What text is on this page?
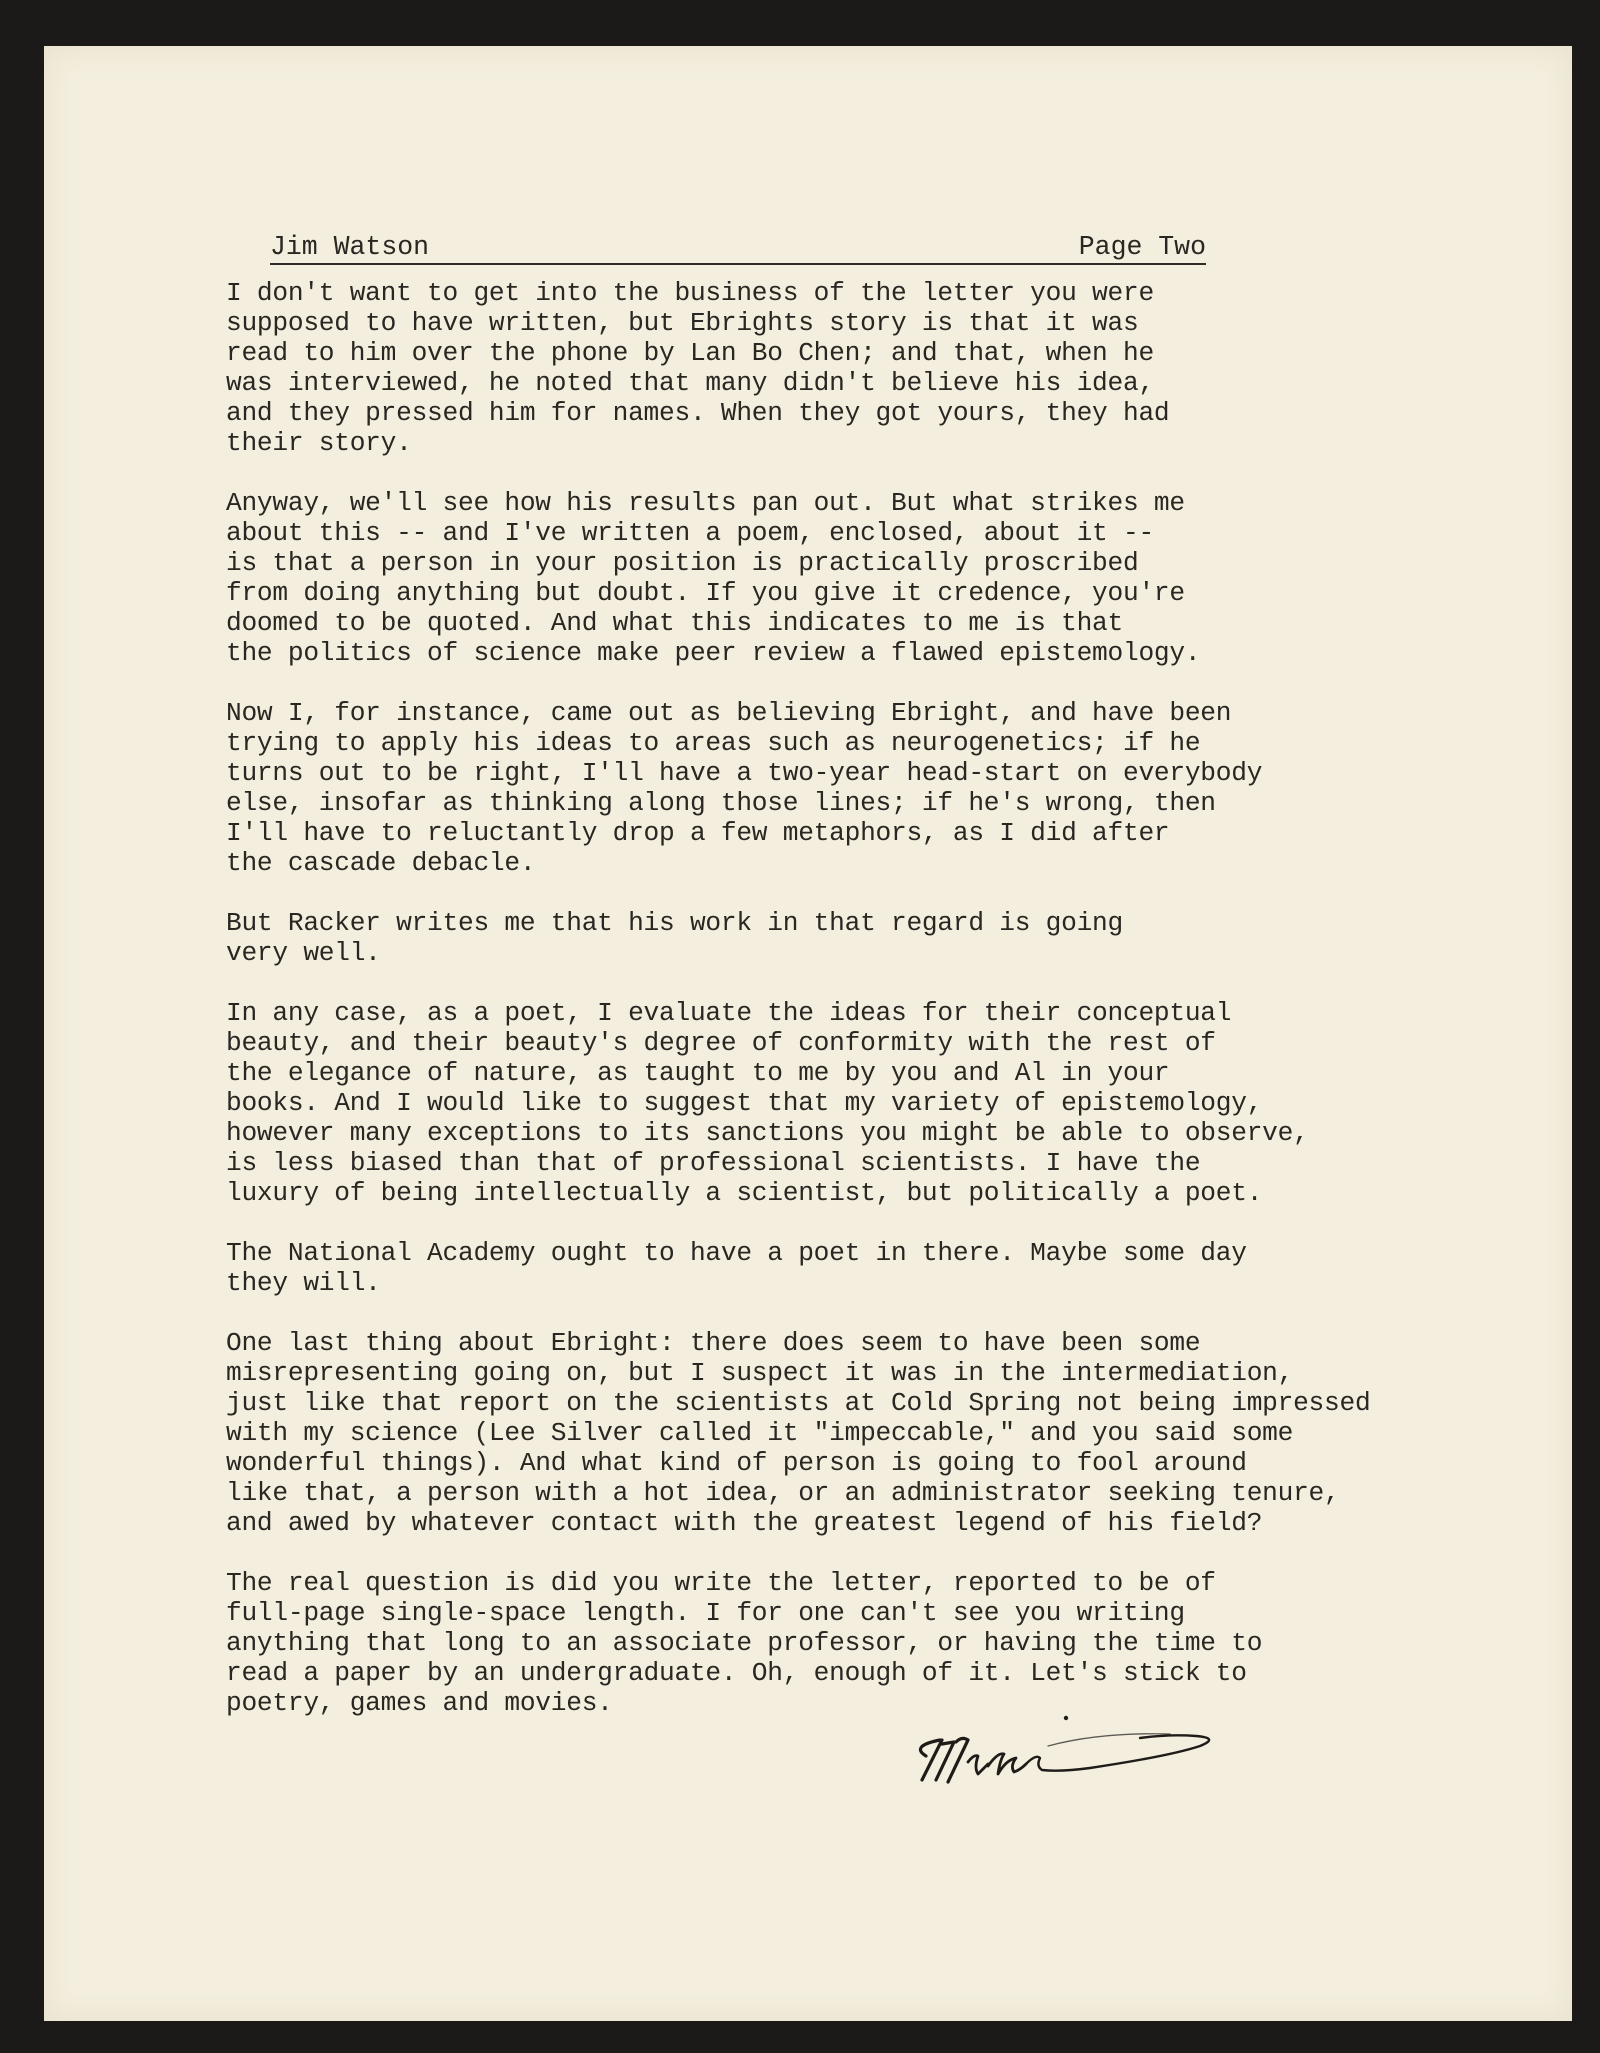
Jim Watson	Page Two

I don't want to get into the business of the letter you were
supposed to have written, but Ebrights story is that it was
read to him over the phone by Lan Bo Chen; and that, when he
was interviewed, he noted that many didn't believe his idea,
and they pressed him for names. When they got yours, they had
their story.

Anyway, we'll see how his results pan out. But what strikes me
about this -- and I've written a poem, enclosed, about it --
is that a person in your position is practically proscribed
from doing anything but doubt. If you give it credence, you're
doomed to be quoted. And what this indicates to me is that
the politics of science make peer review a flawed epistemology.

Now I, for instance, came out as believing Ebright, and have been
trying to apply his ideas to areas such as neurogenetics; if he
turns out to be right, I'll have a two-year head-start on everybody
else, insofar as thinking along those lines; if he's wrong, then
I'll have to reluctantly drop a few metaphors, as I did after
the cascade debacle.

But Racker writes me that his work in that regard is going
very well.

In any case, as a poet, I evaluate the ideas for their conceptual
beauty, and their beauty's degree of conformity with the rest of
the elegance of nature, as taught to me by you and Al in your
books. And I would like to suggest that my variety of epistemology,
however many exceptions to its sanctions you might be able to observe,
is less biased than that of professional scientists. I have the
luxury of being intellectually a scientist, but politically a poet.

The National Academy ought to have a poet in there. Maybe some day
they will.

One last thing about Ebright: there does seem to have been some
misrepresenting going on, but I suspect it was in the intermediation,
just like that report on the scientists at Cold Spring not being impressed
with my science (Lee Silver called it "impeccable," and you said some
wonderful things). And what kind of person is going to fool around
like that, a person with a hot idea, or an administrator seeking tenure,
and awed by whatever contact with the greatest legend of his field?

The real question is did you write the letter, reported to be of
full-page single-space length. I for one can't see you writing
anything that long to an associate professor, or having the time to
read a paper by an undergraduate. Oh, enough of it. Let's stick to
poetry, games and movies.
